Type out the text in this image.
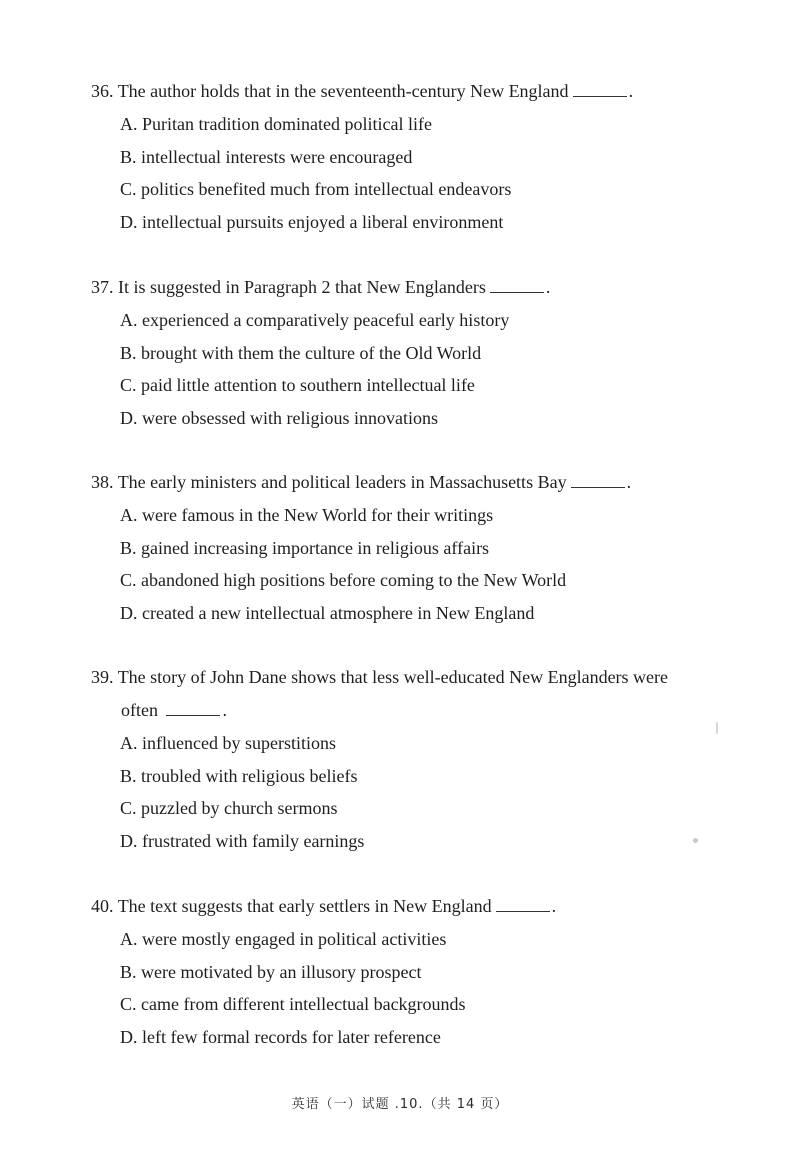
36. The author holds that in the seventeenth-century New England	.

A. Puritan tradition dominated political life

B. intellectual interests were encouraged

C. politics benefited much from intellectual endeavors

D. intellectual pursuits enjoyed a liberal environment

37. It is suggested in Paragraph 2 that New Englanders	.

A. experienced a comparatively peaceful early history

B. brought with them the culture of the Old World

C. paid little attention to southern intellectual life

D. were obsessed with religious innovations

38. The early ministers and political leaders in Massachusetts Bay	.

A. were famous in the New World for their writings

B. gained increasing importance in religious affairs

C. abandoned high positions before coming to the New World

D. created a new intellectual atmosphere in New England

39. The story of John Dane shows that less well-educated New Englanders were

often	.

A. influenced by superstitions

B. troubled with religious beliefs

C. puzzled by church sermons

D. frustrated with family earnings

40. The text suggests that early settlers in New England	.

A. were mostly engaged in political activities

B. were motivated by an illusory prospect

C. came from different intellectual backgrounds

D. left few formal records for later reference

英语（一）试题 .10.（共 14 页）
